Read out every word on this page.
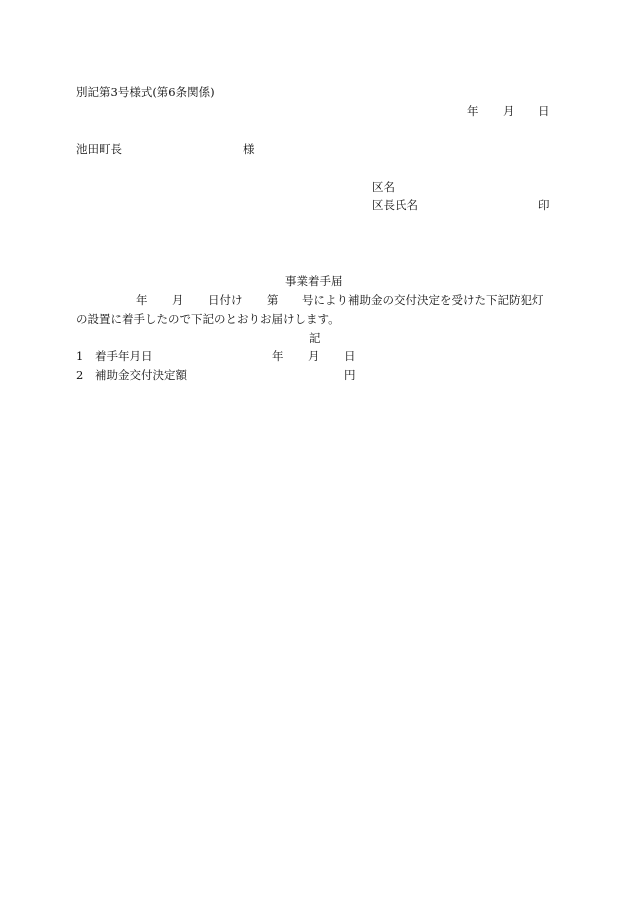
別記第3号様式(第6条関係)
年 月 日
池田町長	様
区名
区長氏名	印
事業着手届
年 月 日付け 第 号により補助金の交付決定を受けた下記防犯灯
の設置に着手したので下記のとおりお届けします。
記
1 着手年月日	年 月 日
2 補助金交付決定額	円
